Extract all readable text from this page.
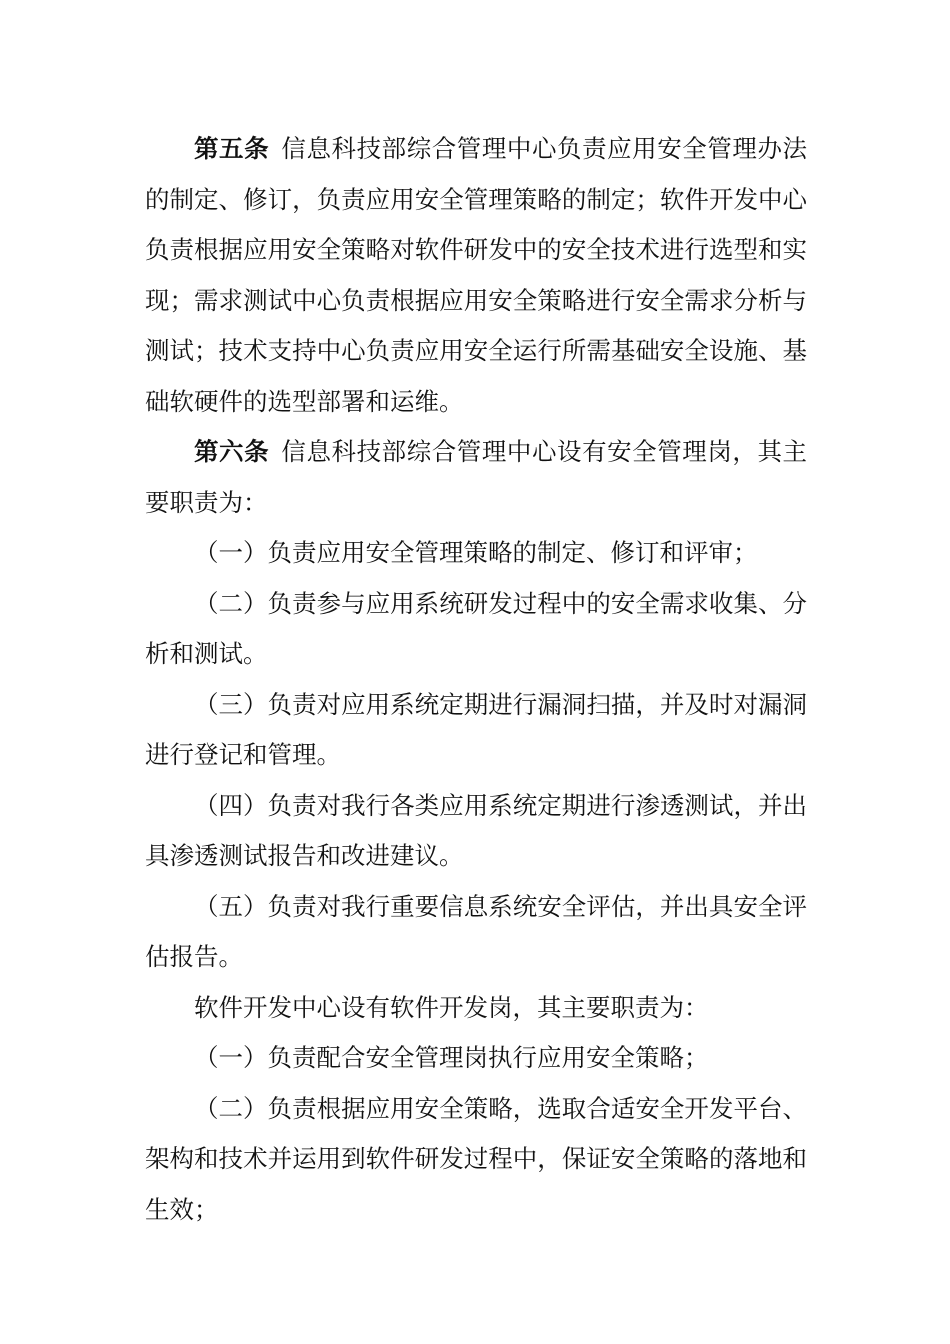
第五条 信息科技部综合管理中心负责应用安全管理办法的制定、修订，负责应用安全管理策略的制定；软件开发中心负责根据应用安全策略对软件研发中的安全技术进行选型和实现；需求测试中心负责根据应用安全策略进行安全需求分析与测试；技术支持中心负责应用安全运行所需基础安全设施、基础软硬件的选型部署和运维。

第六条 信息科技部综合管理中心设有安全管理岗，其主要职责为：

（一）负责应用安全管理策略的制定、修订和评审；

（二）负责参与应用系统研发过程中的安全需求收集、分析和测试。

（三）负责对应用系统定期进行漏洞扫描，并及时对漏洞进行登记和管理。

（四）负责对我行各类应用系统定期进行渗透测试，并出具渗透测试报告和改进建议。

（五）负责对我行重要信息系统安全评估，并出具安全评估报告。

软件开发中心设有软件开发岗，其主要职责为：

（一）负责配合安全管理岗执行应用安全策略；

（二）负责根据应用安全策略，选取合适安全开发平台、架构和技术并运用到软件研发过程中，保证安全策略的落地和生效；
